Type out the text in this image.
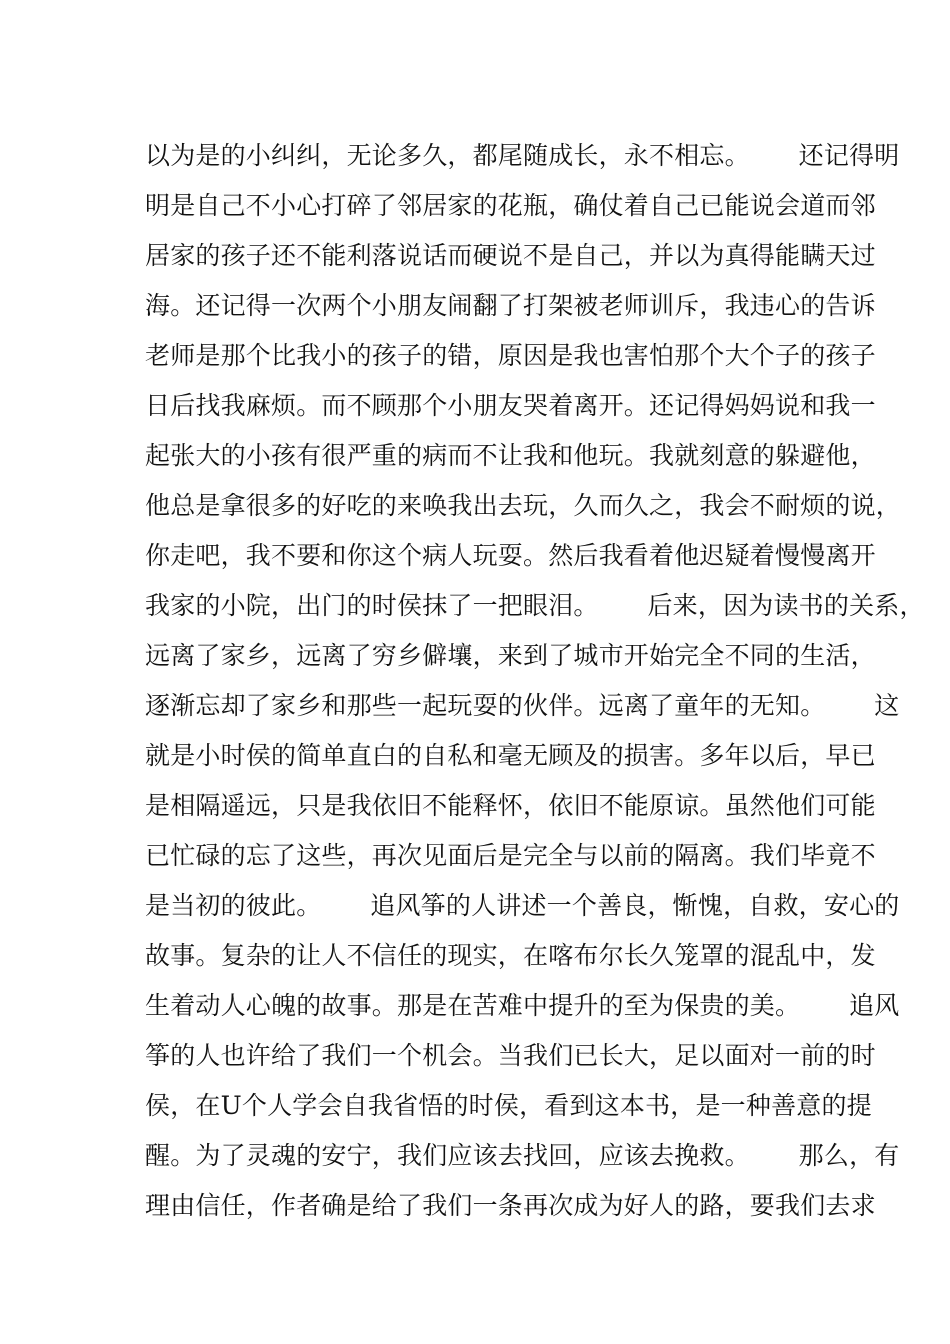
以为是的小纠纠，无论多久，都尾随成长，永不相忘。      还记得明
明是自己不小心打碎了邻居家的花瓶，确仗着自己已能说会道而邻
居家的孩子还不能利落说话而硬说不是自己，并以为真得能瞒天过
海。还记得一次两个小朋友闹翻了打架被老师训斥，我违心的告诉
老师是那个比我小的孩子的错，原因是我也害怕那个大个子的孩子
日后找我麻烦。而不顾那个小朋友哭着离开。还记得妈妈说和我一
起张大的小孩有很严重的病而不让我和他玩。我就刻意的躲避他，
他总是拿很多的好吃的来唤我出去玩，久而久之，我会不耐烦的说，
你走吧，我不要和你这个病人玩耍。然后我看着他迟疑着慢慢离开
我家的小院，出门的时侯抹了一把眼泪。      后来，因为读书的关系，
远离了家乡，远离了穷乡僻壤，来到了城市开始完全不同的生活，
逐渐忘却了家乡和那些一起玩耍的伙伴。远离了童年的无知。      这
就是小时侯的简单直白的自私和毫无顾及的损害。多年以后，早已
是相隔遥远，只是我依旧不能释怀，依旧不能原谅。虽然他们可能
已忙碌的忘了这些，再次见面后是完全与以前的隔离。我们毕竟不
是当初的彼此。      追风筝的人讲述一个善良，惭愧，自救，安心的
故事。复杂的让人不信任的现实，在喀布尔长久笼罩的混乱中，发
生着动人心魄的故事。那是在苦难中提升的至为保贵的美。      追风
筝的人也许给了我们一个机会。当我们已长大，足以面对一前的时
侯，在U个人学会自我省悟的时侯，看到这本书，是一种善意的提
醒。为了灵魂的安宁，我们应该去找回，应该去挽救。      那么，有
理由信任，作者确是给了我们一条再次成为好人的路，要我们去求
